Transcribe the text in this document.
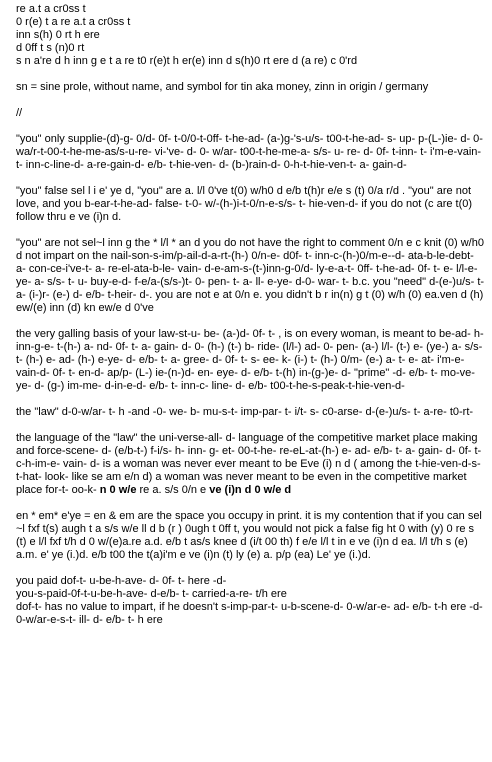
re a.t a cr0ss t
0 r(e) t a re a.t a cr0ss t
inn s(h) 0 rt h ere
d 0ff t s (n)0 rt
s n a're d h inn g e t a re t0 r(e)t h er(e) inn d s(h)0 rt ere d (a re) c 0'rd
sn = sine prole, without name, and symbol for tin aka money, zinn in origin / germany
//
"you" only supplie-(d)-g- 0/d- 0f- t-0/0-t-0ff- t-he-ad- (a-)g-'s-u/s- t00-t-he-ad- s- up- p-(L-)ie- d- 0-wa/r-t-00-t-he-me-as/s-u-re- vi-'ve- d- 0- w/ar- t00-t-he-me-a- s/s- u- re- d- 0f- t-inn- t- i'm-e-vain- t- inn-c-line-d- a-re-gain-d- e/b- t-hie-ven- d- (b-)rain-d- 0-h-t-hie-ven-t- a- gain-d-
"you" false sel l i e' ye d, "you" are a. l/l 0've t(0) w/h0 d e/b t(h)r e/e s (t) 0/a r/d . "you" are not love, and you b-ear-t-he-ad- false- t-0- w/-(h-)i-t-0/n-e-s/s- t- hie-ven-d- if you do not (c are t(0) follow thru e ve (i)n d.
"you" are not sel~l inn g the * l/l * an d you do not have the right to comment 0/n e c knit (0) w/h0 d not impart on the nail-son-s-im/p-ail-d-a-rt-(h-) 0/n-e- d0f- t- inn-c-(h-)0/m-e--d- ata-b-le-debt- a- con-ce-i've-t- a- re-el-ata-b-le- vain- d-e-am-s-(t-)inn-g-0/d- ly-e-a-t- 0ff- t-he-ad- 0f- t- e- l/l-e-ye- a- s/s- t- u- buy-e-d- f-e/a-(s/s-)t- 0- pen- t- a- ll- e-ye- d-0- war- t- b.c. you "need" d-(e-)u/s- t- a- (i-)r- (e-) d- e/b- t-heir- d-. you are not e at 0/n e. you didn't b r in(n) g t (0) w/h (0) ea.ven d (h) ew/(e) inn (d) kn ew/e d 0've
the very galling basis of your law-st-u- be- (a-)d- 0f- t- , is on every woman, is meant to be-ad- h- inn-g-e- t-(h-) a- nd- 0f- t- a- gain- d- 0- (h-) (t-) b- ride- (l/l-) ad- 0- pen- (a-) l/l- (t-) e- (ye-) a- s/s- t- (h-) e- ad- (h-) e-ye- d- e/b- t- a- gree- d- 0f- t- s- ee- k- (i-) t- (h-) 0/m- (e-) a- t- e- at- i'm-e-vain-d- 0f- t- en-d- ap/p- (L-) ie-(n-)d- en- eye- d- e/b- t-(h) in-(g-)e- d- "prime" -d- e/b- t- mo-ve-ye- d- (g-) im-me- d-in-e-d- e/b- t- inn-c- line- d- e/b- t00-t-he-s-peak-t-hie-ven-d-
the "law" d-0-w/ar- t- h -and -0- we- b- mu-s-t- imp-par- t- i/t- s- c0-arse- d-(e-)u/s- t- a-re- t0-rt-
the language of the "law" the uni-verse-all- d- language of the competitive market place making and force-scene- d- (e/b-t-) f-i/s- h- inn- g- et- 00-t-he- re-eL-at-(h-) e- ad- e/b- t- a- gain- d- 0f- t- c-h-im-e- vain- d- is a woman was never ever meant to be Eve (i) n d ( among the t-hie-ven-d-s- t-hat- look- like se am e/n d) a woman was never meant to be even in the competitive market place for-t- oo-k- n 0 w/e re a. s/s 0/n e ve (i)n d 0 w/e d
en * em* e'ye = en & em are the space you occupy in print. it is my contention that if you can sel ~l fxf t(s) augh t a s/s w/e ll d b (r ) 0ugh t 0ff t, you would not pick a false fig ht 0 with (y) 0 re s (t) e l/l fxf t/h d 0 w/(e)a.re a.d. e/b t as/s knee d (i/t 00 th) f e/e l/l t in e ve (i)n d ea. l/l t/h s (e) a.m. e' ye (i.)d. e/b t00 the t(a)i'm e ve (i)n (t) ly (e) a. p/p (ea) Le' ye (i.)d.
you paid dof-t- u-be-h-ave- d- 0f- t- here -d-
you-s-paid-0f-t-u-be-h-ave- d-e/b- t- carried-a-re- t/h ere
dof-t- has no value to impart, if he doesn't s-imp-par-t- u-b-scene-d- 0-w/ar-e- ad- e/b- t-h ere -d- 0-w/ar-e-s-t- ill- d- e/b- t- h ere
